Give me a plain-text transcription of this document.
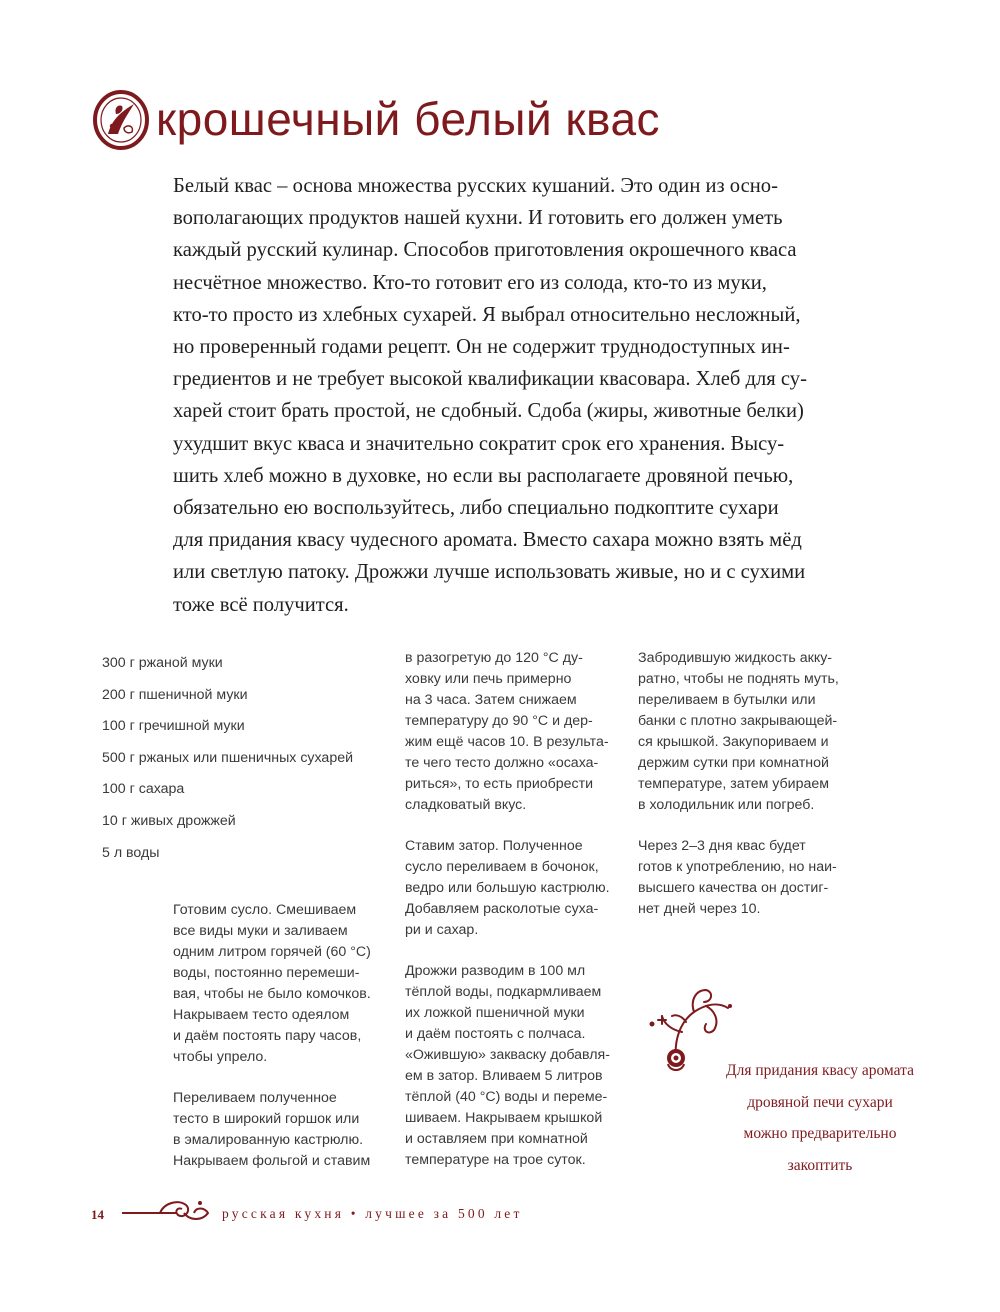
крошечный белый квас

Белый квас – основа множества русских кушаний. Это один из осно-
вополагающих продуктов нашей кухни. И готовить его должен уметь
каждый русский кулинар. Способов приготовления окрошечного кваса
несчётное множество. Кто-то готовит его из солода, кто-то из муки,
кто-то просто из хлебных сухарей. Я выбрал относительно несложный,
но проверенный годами рецепт. Он не содержит труднодоступных ин-
гредиентов и не требует высокой квалификации квасовара. Хлеб для су-
харей стоит брать простой, не сдобный. Сдоба (жиры, животные белки)
ухудшит вкус кваса и значительно сократит срок его хранения. Высу-
шить хлеб можно в духовке, но если вы располагаете дровяной печью,
обязательно ею воспользуйтесь, либо специально подкоптите сухари
для придания квасу чудесного аромата. Вместо сахара можно взять мёд
или светлую патоку. Дрожжи лучше использовать живые, но и с сухими
тоже всё получится.

300 г ржаной муки
200 г пшеничной муки
100 г гречишной муки
500 г ржаных или пшеничных сухарей
100 г сахара
10 г живых дрожжей
5 л воды

Готовим сусло. Смешиваем
все виды муки и заливаем
одним литром горячей (60 °С)
воды, постоянно перемеши-
вая, чтобы не было комочков.
Накрываем тесто одеялом
и даём постоять пару часов,
чтобы упрело.

Переливаем полученное
тесто в широкий горшок или
в эмалированную кастрюлю.
Накрываем фольгой и ставим

в разогретую до 120 °С ду-
ховку или печь примерно
на 3 часа. Затем снижаем
температуру до 90 °С и дер-
жим ещё часов 10. В результа-
те чего тесто должно «осаха-
риться», то есть приобрести
сладковатый вкус.

Ставим затор. Полученное
сусло переливаем в бочонок,
ведро или большую кастрюлю.
Добавляем расколотые суха-
ри и сахар.

Дрожжи разводим в 100 мл
тёплой воды, подкармливаем
их ложкой пшеничной муки
и даём постоять с полчаса.
«Ожившую» закваску добавля-
ем в затор. Вливаем 5 литров
тёплой (40 °С) воды и переме-
шиваем. Накрываем крышкой
и оставляем при комнатной
температуре на трое суток.

Забродившую жидкость акку-
ратно, чтобы не поднять муть,
переливаем в бутылки или
банки с плотно закрывающей-
ся крышкой. Закупориваем и
держим сутки при комнатной
температуре, затем убираем
в холодильник или погреб.

Через 2–3 дня квас будет
готов к употреблению, но наи-
высшего качества он достиг-
нет дней через 10.

Для придания квасу аромата
дровяной печи сухари
можно предварительно
закоптить
14	русская кухня • лучшее за 500 лет
